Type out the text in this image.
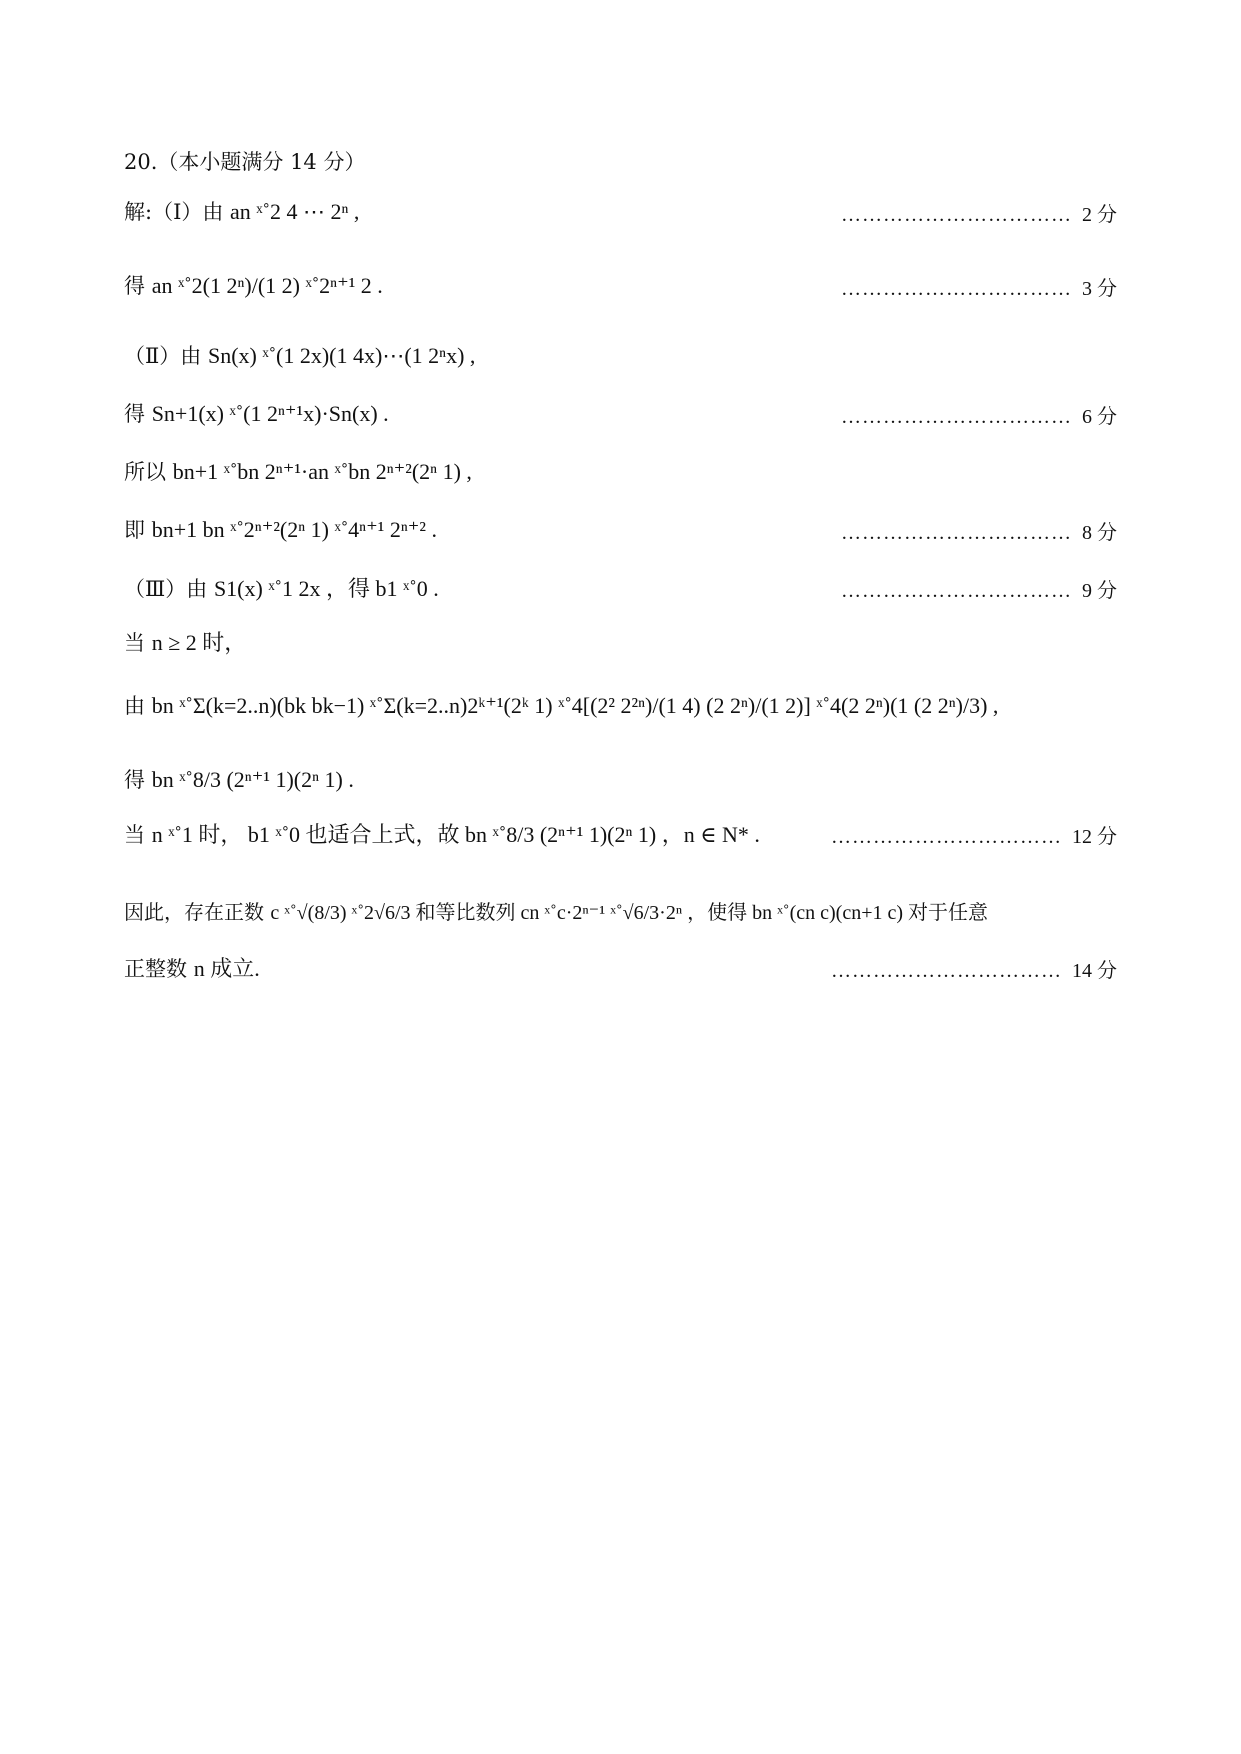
20.（本小题满分 14 分）
解:（Ⅰ）由 an ˣ˚2 4 ⋯ 2ⁿ ,	…………………………… 2 分
得 an ˣ˚2(1 2ⁿ)/(1 2) ˣ˚2ⁿ⁺¹ 2 .	…………………………… 3 分
（Ⅱ）由 Sn(x) ˣ˚(1 2x)(1 4x)⋯(1 2ⁿx) ,
得 Sn+1(x) ˣ˚(1 2ⁿ⁺¹x)·Sn(x) .	…………………………… 6 分
所以 bn+1 ˣ˚bn 2ⁿ⁺¹·an ˣ˚bn 2ⁿ⁺²(2ⁿ 1) ,
即 bn+1 bn ˣ˚2ⁿ⁺²(2ⁿ 1) ˣ˚4ⁿ⁺¹ 2ⁿ⁺² .	…………………………… 8 分
（Ⅲ）由 S1(x) ˣ˚1 2x ，得 b1 ˣ˚0 .	…………………………… 9 分
当 n ≥ 2 时，
由 bn ˣ˚Σ(k=2..n)(bk bk−1) ˣ˚Σ(k=2..n)2ᵏ⁺¹(2ᵏ 1) ˣ˚4[(2² 2²ⁿ)/(1 4) (2 2ⁿ)/(1 2)] ˣ˚4(2 2ⁿ)(1 (2 2ⁿ)/3) ,
得 bn ˣ˚8/3 (2ⁿ⁺¹ 1)(2ⁿ 1) .
当 n ˣ˚1 时， b1 ˣ˚0 也适合上式，故 bn ˣ˚8/3 (2ⁿ⁺¹ 1)(2ⁿ 1) ，n ∈ N* .	…………………………… 12 分
因此，存在正数 c ˣ˚√(8/3) ˣ˚2√6/3 和等比数列 cn ˣ˚c·2ⁿ⁻¹ ˣ˚√6/3·2ⁿ ，使得 bn ˣ˚(cn c)(cn+1 c) 对于任意
正整数 n 成立.	…………………………… 14 分
